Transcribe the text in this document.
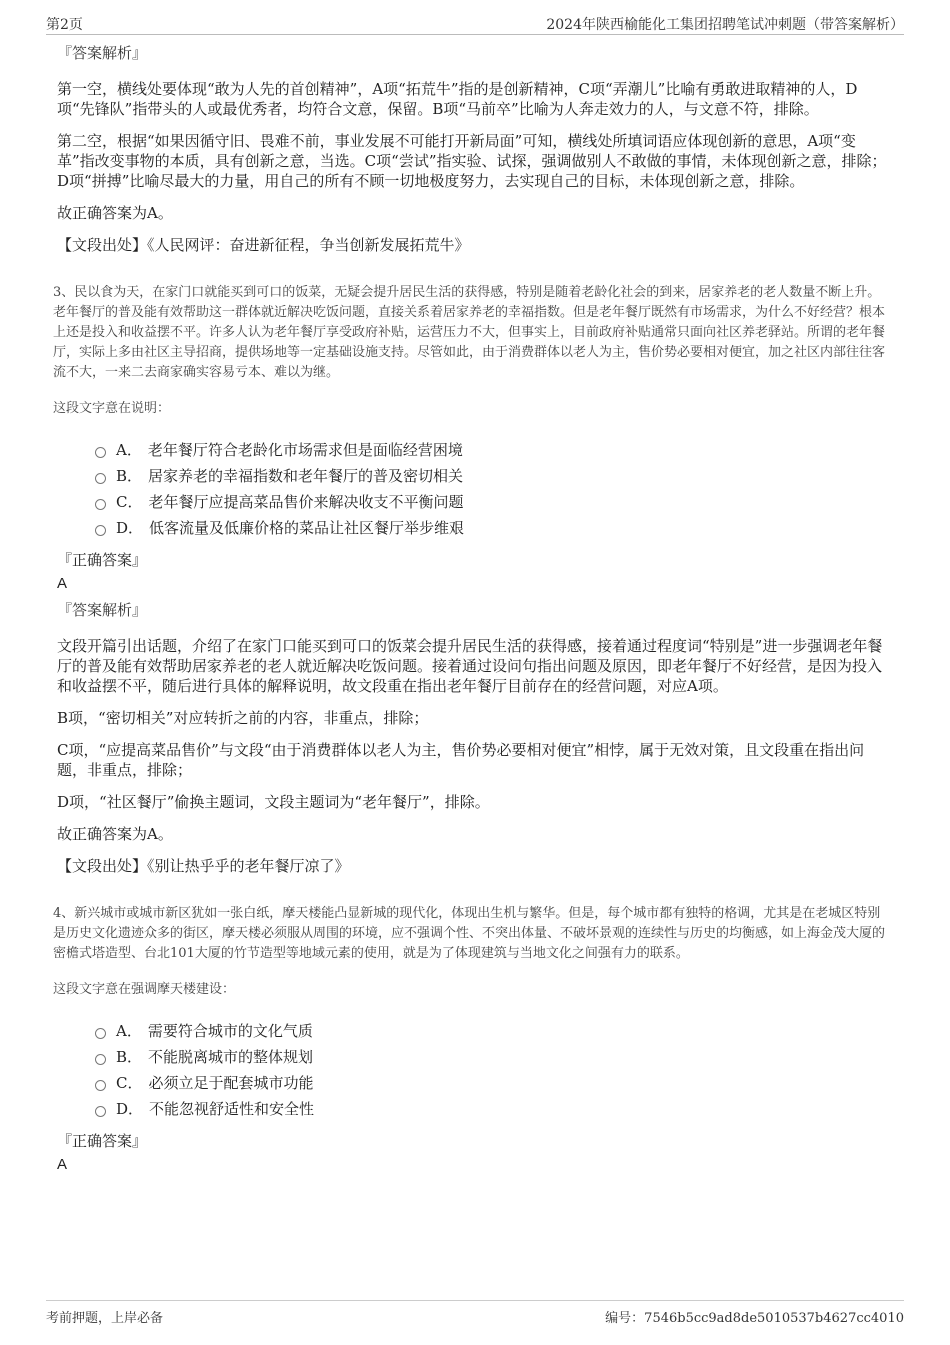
第2页	2024年陕西榆能化工集团招聘笔试冲刺题（带答案解析）
『答案解析』

第一空，横线处要体现“敢为人先的首创精神”，A项“拓荒牛”指的是创新精神，C项“弄潮儿”比喻有勇敢进取精神的人，D项“先锋队”指带头的人或最优秀者，均符合文意，保留。B项“马前卒”比喻为人奔走效力的人，与文意不符，排除。

第二空，根据“如果因循守旧、畏难不前，事业发展不可能打开新局面”可知，横线处所填词语应体现创新的意思，A项“变革”指改变事物的本质，具有创新之意，当选。C项“尝试”指实验、试探，强调做别人不敢做的事情，未体现创新之意，排除；D项“拼搏”比喻尽最大的力量，用自己的所有不顾一切地极度努力，去实现自己的目标，未体现创新之意，排除。

故正确答案为A。

【文段出处】《人民网评：奋进新征程，争当创新发展拓荒牛》

3、民以食为天，在家门口就能买到可口的饭菜，无疑会提升居民生活的获得感，特别是随着老龄化社会的到来，居家养老的老人数量不断上升。老年餐厅的普及能有效帮助这一群体就近解决吃饭问题，直接关系着居家养老的幸福指数。但是老年餐厅既然有市场需求，为什么不好经营？根本上还是投入和收益摆不平。许多人认为老年餐厅享受政府补贴，运营压力不大，但事实上，目前政府补贴通常只面向社区养老驿站。所谓的老年餐厅，实际上多由社区主导招商，提供场地等一定基础设施支持。尽管如此，由于消费群体以老人为主，售价势必要相对便宜，加之社区内部往往客流不大，一来二去商家确实容易亏本、难以为继。
这段文字意在说明：
A． 老年餐厅符合老龄化市场需求但是面临经营困境
B． 居家养老的幸福指数和老年餐厅的普及密切相关
C． 老年餐厅应提高菜品售价来解决收支不平衡问题
D． 低客流量及低廉价格的菜品让社区餐厅举步维艰
『正确答案』
A
『答案解析』

文段开篇引出话题，介绍了在家门口能买到可口的饭菜会提升居民生活的获得感，接着通过程度词“特别是”进一步强调老年餐厅的普及能有效帮助居家养老的老人就近解决吃饭问题。接着通过设问句指出问题及原因，即老年餐厅不好经营，是因为投入和收益摆不平，随后进行具体的解释说明，故文段重在指出老年餐厅目前存在的经营问题，对应A项。

B项，“密切相关”对应转折之前的内容，非重点，排除；

C项，“应提高菜品售价”与文段“由于消费群体以老人为主，售价势必要相对便宜”相悖，属于无效对策，且文段重在指出问题，非重点，排除；

D项，“社区餐厅”偷换主题词，文段主题词为“老年餐厅”，排除。

故正确答案为A。

【文段出处】《别让热乎乎的老年餐厅凉了》

4、新兴城市或城市新区犹如一张白纸，摩天楼能凸显新城的现代化，体现出生机与繁华。但是，每个城市都有独特的格调，尤其是在老城区特别是历史文化遗迹众多的街区，摩天楼必须服从周围的环境，应不强调个性、不突出体量、不破坏景观的连续性与历史的均衡感，如上海金茂大厦的密檐式塔造型、台北101大厦的竹节造型等地域元素的使用，就是为了体现建筑与当地文化之间强有力的联系。
这段文字意在强调摩天楼建设：
A． 需要符合城市的文化气质
B． 不能脱离城市的整体规划
C． 必须立足于配套城市功能
D． 不能忽视舒适性和安全性
『正确答案』
A
考前押题，上岸必备	编号：7546b5cc9ad8de5010537b4627cc4010
